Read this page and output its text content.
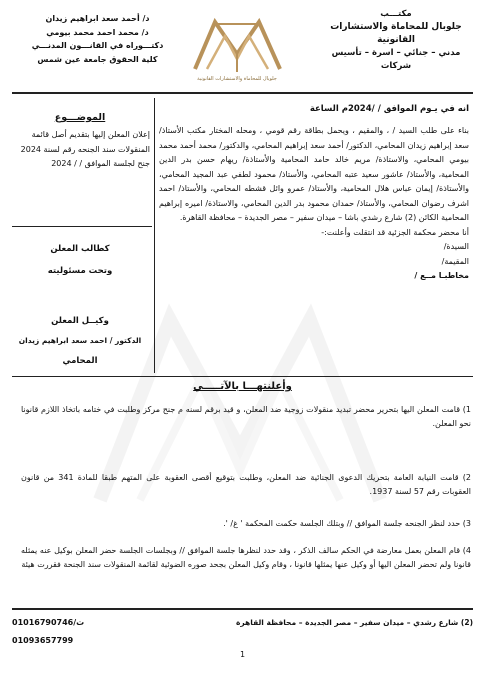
مكتـــب
جلوبال للمحاماة والاستشارات القانونية
مدني – جنائي – اسرة – تأسيس شركات
جلوبال للمحاماة والاستشارات القانونية
د/ أحمد سعد ابراهيم زيدان
د/ محمد احمد محمد بيومي
دكتـــوراه في القانـــون المدنـــي
كلية الحقوق جامعة عين شمس
انه في يـوم الموافق / /2024م الساعة
بناء على طلب السيد / ، والمقيم ، ويحمل بطاقة رقم قومي ، ومحله المختار مكتب الأستاذ/ سعد إبراهيم زيدان المحامي، الدكتور/ أحمد سعد إبراهيم المحامي، والدكتور/ محمد أحمد محمد بيومي المحامي، والاستاذة/ مريم خالد حامد المحامية والأستاذة/ ريهام حسن بدر الدين المحامية، والأستاذ/ عاشور سعيد عتبه المحامي، والأستاذ/ محمود لطفي عبد المجيد المحامي، والأستاذة/ إيمان عباس هلال المحامية، والأستاذ/ عمرو وائل قشطه المحامي، والأستاذ/ احمد اشرف رضوان المحامي، والأستاذ/ حمدان محمود بدر الدين المحامي، والاستاذة/ اميره إبراهيم المحامية الكائن (2) شارع رشدي باشا – ميدان سفير – مصر الجديدة – محافظة القاهرة.
أنا محضر محكمة الجزئية قد انتقلت وأعلنت:-
السيدة/
المقيمة/
مخاطبـا مــع /
الموضـــوع
إعلان المعلن إليها بتقديم أصل قائمة المنقولات سند الجنحه رقم لسنة 2024 جنح لجلسة الموافق / / 2024
كطالب المعلن
وتحت مسئوليته
وكيــل المعلن
الدكتور / احمد سعد ابراهيم زيدان
المحامي
وأعلنتهـــا بالآتـــــي
1) قامت المعلن اليها بتحرير محضر تبديد منقولات زوجية ضد المعلن، و قيد برقم لسنه م جنح مركز وطلبت في ختامه باتخاذ اللازم قانونا نحو المعلن.
2) قامت النيابة العامة بتحريك الدعوى الجنائية ضد المعلن، وطلبت بتوقيع أقصى العقوبة على المتهم طبقا للمادة 341 من قانون العقوبات رقم 57 لسنة 1937.
3) حدد لنظر الجنحه جلسة الموافق // وبتلك الجلسة حكمت المحكمة ' غ/ '.
4) قام المعلن بعمل معارضة في الحكم سالف الذكر ، وقد حدد لنظرها جلسة الموافق // وبجلسات الجلسة حضر المعلن بوكيل عنه يمثله قانونا ولم تحضر المعلن اليها أو وكيل عنها يمثلها قانونا ، وقام وكيل المعلن بجحد صوره الضوئية لقائمة المنقولات سند الجنحة فقررت هيئة
(2) شارع رشدي – ميدان سفير – مصر الجديدة – محافظة القاهرة
ت/01016790746
01093657799
1
